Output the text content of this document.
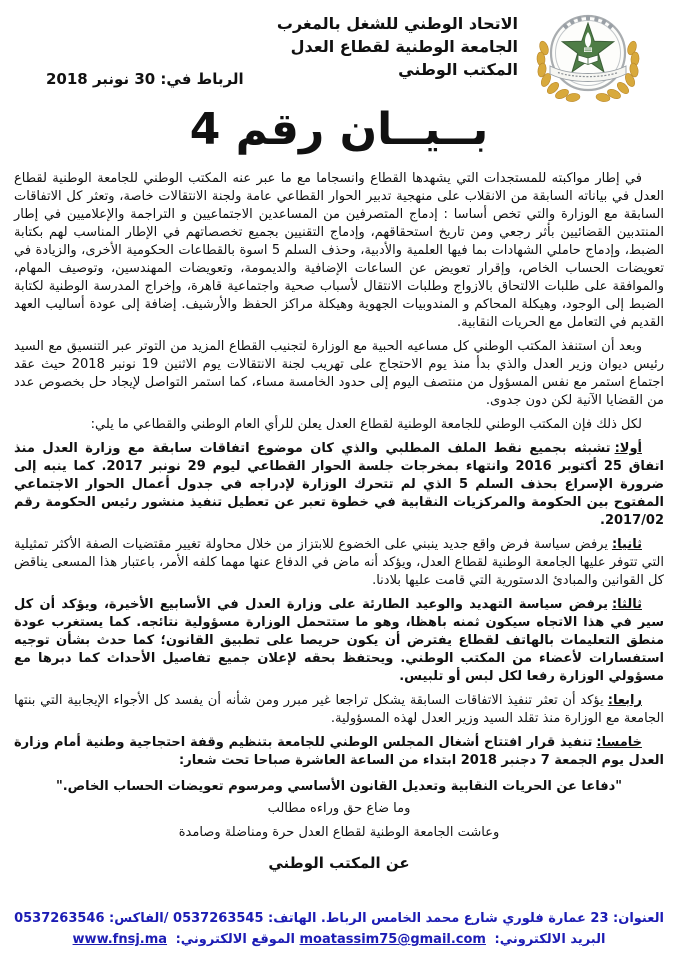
الاتحاد الوطني للشغل بالمغرب
الجامعة الوطنية لقطاع العدل
المكتب الوطني
الرباط في: 30 نونبر 2018
بــيــان رقم 4

في إطار مواكبته للمستجدات التي يشهدها القطاع وانسجاما مع ما عبر عنه المكتب الوطني للجامعة الوطنية لقطاع العدل في بياناته السابقة من الانقلاب على منهجية تدبير الحوار القطاعي عامة ولجنة الانتقالات خاصة، وتعثر كل الاتفاقات السابقة مع الوزارة والتي تخص أساسا : إدماج المتصرفين من المساعدين الاجتماعيين و التراجمة والإعلاميين في إطار المنتدبين القضائيين بأثر رجعي ومن تاريخ استحقاقهم، وإدماج التقنيين بجميع تخصصاتهم في الإطار المناسب لهم بكتابة الضبط، وإدماج حاملي الشهادات بما فيها العلمية والأدبية، وحذف السلم 5 اسوة بالقطاعات الحكومية الأخرى، والزيادة في تعويضات الحساب الخاص، وإقرار تعويض عن الساعات الإضافية والديمومة، وتعويضات المهندسين، وتوصيف المهام، والموافقة على طلبات الالتحاق بالازواج وطلبات الانتقال لأسباب صحية واجتماعية قاهرة، وإخراج المدرسة الوطنية لكتابة الضبط إلى الوجود، وهيكلة المحاكم و المندوبيات الجهوية وهيكلة مراكز الحفظ والأرشيف. إضافة إلى عودة أساليب العهد القديم في التعامل مع الحريات النقابية.

وبعد أن استنفذ المكتب الوطني كل مساعيه الحبية مع الوزارة لتجنيب القطاع المزيد من التوتر عبر التنسيق مع السيد رئيس ديوان وزير العدل والذي بدأ منذ يوم الاحتجاج على تهريب لجنة الانتقالات يوم الاثنين 19 نونبر 2018 حيث عقد اجتماع استمر مع نفس المسؤول من منتصف اليوم إلى حدود الخامسة مساء، كما استمر التواصل لإيجاد حل بخصوص عدد من القضايا الآنية لكن دون جدوى.

لكل ذلك فإن المكتب الوطني للجامعة الوطنية لقطاع العدل يعلن للرأي العام الوطني والقطاعي ما يلي:

أولا:تشبثه بجميع نقط الملف المطلبي والذي كان موضوع اتفاقات سابقة مع وزارة العدل منذ اتفاق 25 أكتوبر 2016 وانتهاء بمخرجات جلسة الحوار القطاعي ليوم 29 نونبر 2017. كما ينبه إلى ضرورة الإسراع بحذف السلم 5 الذي لم تتحرك الوزارة لإدراجه في جدول أعمال الحوار الاجتماعي المفتوح بين الحكومة والمركزيات النقابية في خطوة تعبر عن تعطيل تنفيذ منشور رئيس الحكومة رقم 2017/02.

ثانيا:يرفض سياسة فرض واقع جديد ينبني على الخضوع للابتزاز من خلال محاولة تغيير مقتضيات الصفة الأكثر تمثيلية التي تتوفر عليها الجامعة الوطنية لقطاع العدل، ويؤكد أنه ماض في الدفاع عنها مهما كلفه الأمر، باعتبار هذا المسعى يناقض كل القوانين والمبادئ الدستورية التي قامت عليها بلادنا.

ثالثا:يرفض سياسة التهديد والوعيد الطارئة على وزارة العدل في الأسابيع الأخيرة، ويؤكد أن كل سير في هذا الاتجاه سيكون ثمنه باهظا، وهو ما ستتحمل الوزارة مسؤولية نتائجه. كما يستغرب عودة منطق التعليمات بالهاتف لقطاع يفترض أن يكون حريصا على تطبيق القانون؛ كما حدث بشأن توجيه استفسارات لأعضاء من المكتب الوطني. ويحتفظ بحقه لإعلان جميع تفاصيل الأحداث كما دبرها مع مسؤولي الوزارة رفعا لكل لبس أو تلبيس.

رابعا:يؤكد أن تعثر تنفيذ الاتفاقات السابقة يشكل تراجعا غير مبرر ومن شأنه أن يفسد كل الأجواء الإيجابية التي بنتها الجامعة مع الوزارة منذ تقلد السيد وزير العدل لهذه المسؤولية.

خامسا:تنفيذ قرار افتتاح أشغال المجلس الوطني للجامعة بتنظيم وقفة احتجاجية وطنية أمام وزارة العدل يوم الجمعة 7 دجنبر 2018 ابتداء من الساعة العاشرة صباحا تحت شعار:

"دفاعا عن الحريات النقابية وتعديل القانون الأساسي ومرسوم تعويضات الحساب الخاص."

وما ضاع حق وراءه مطالب

وعاشت الجامعة الوطنية لقطاع العدل حرة ومناضلة وصامدة

عن المكتب الوطني

العنوان: 23 عمارة فلوري شارع محمد الخامس الرباط. الهاتف: 0537263545 /الفاكس: 0537263546
البريد الالكتروني: moatassim75@gmail.com الموقع الالكتروني: www.fnsj.ma
